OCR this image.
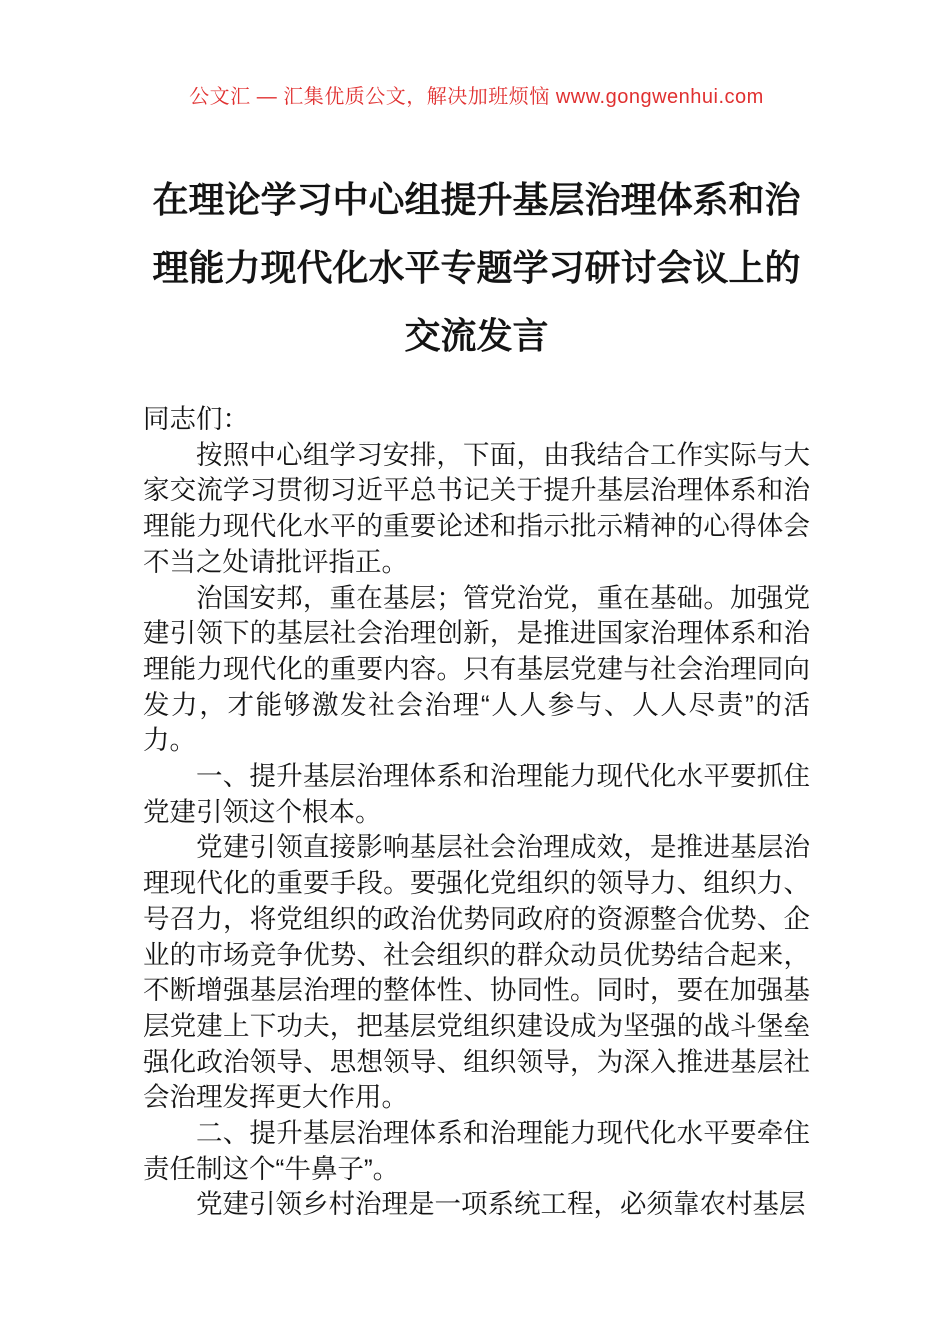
公文汇 — 汇集优质公文，解决加班烦恼 www.gongwenhui.com
在理论学习中心组提升基层治理体系和治
理能力现代化水平专题学习研讨会议上的
交流发言

同志们：

按照中心组学习安排，下面，由我结合工作实际与大家交流学习贯彻习近平总书记关于提升基层治理体系和治理能力现代化水平的重要论述和指示批示精神的心得体会不当之处请批评指正。

治国安邦，重在基层；管党治党，重在基础。加强党建引领下的基层社会治理创新，是推进国家治理体系和治理能力现代化的重要内容。只有基层党建与社会治理同向发力，才能够激发社会治理“人人参与、人人尽责”的活力。

一、提升基层治理体系和治理能力现代化水平要抓住党建引领这个根本。

党建引领直接影响基层社会治理成效，是推进基层治理现代化的重要手段。要强化党组织的领导力、组织力、号召力，将党组织的政治优势同政府的资源整合优势、企业的市场竞争优势、社会组织的群众动员优势结合起来，不断增强基层治理的整体性、协同性。同时，要在加强基层党建上下功夫，把基层党组织建设成为坚强的战斗堡垒强化政治领导、思想领导、组织领导，为深入推进基层社会治理发挥更大作用。

二、提升基层治理体系和治理能力现代化水平要牵住责任制这个“牛鼻子”。

党建引领乡村治理是一项系统工程，必须靠农村基层
